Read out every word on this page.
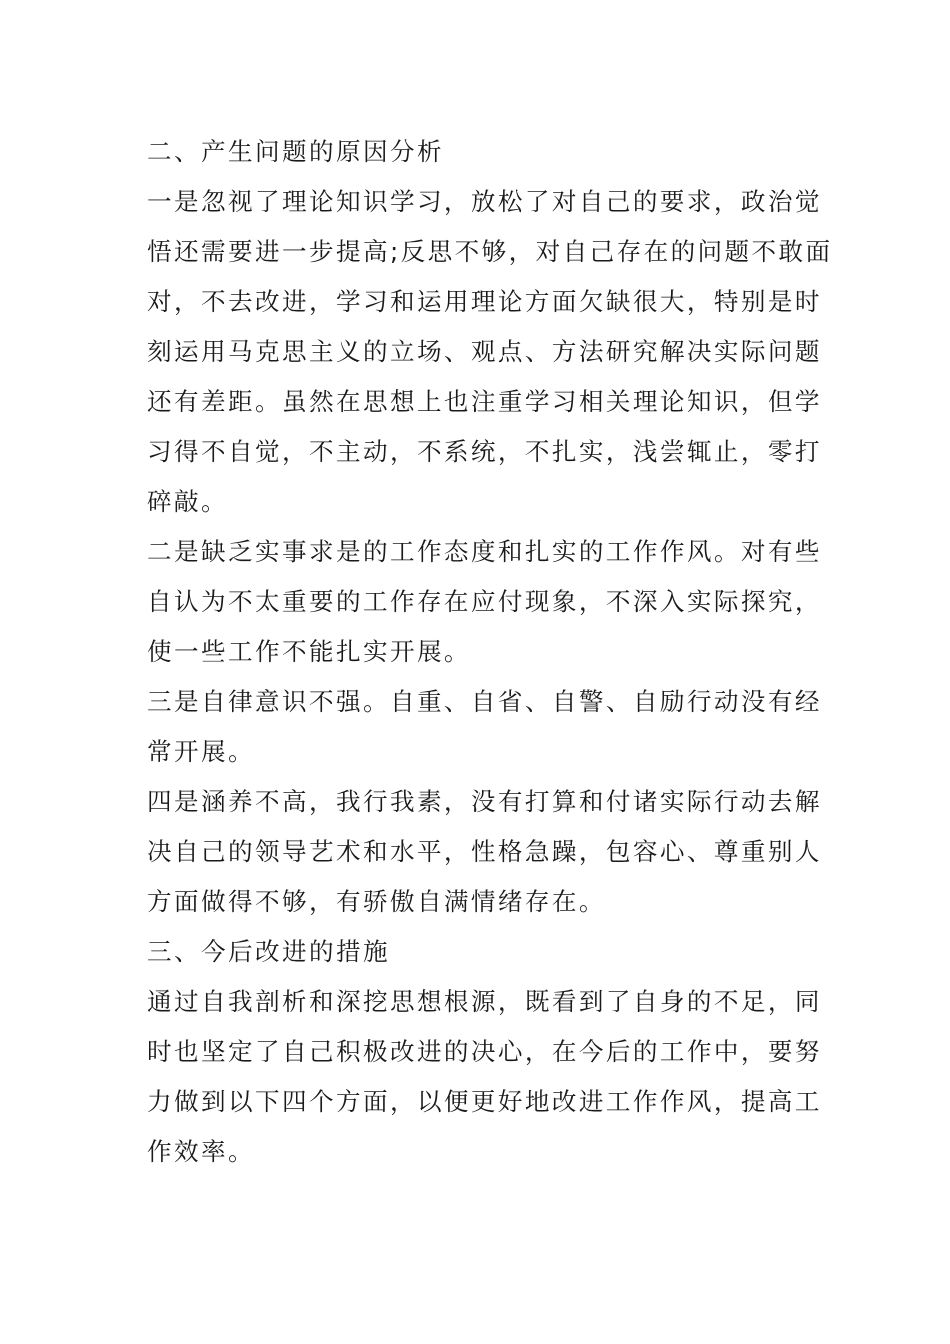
二、产生问题的原因分析
一是忽视了理论知识学习，放松了对自己的要求，政治觉
悟还需要进一步提高;反思不够，对自己存在的问题不敢面
对，不去改进，学习和运用理论方面欠缺很大，特别是时
刻运用马克思主义的立场、观点、方法研究解决实际问题
还有差距。虽然在思想上也注重学习相关理论知识，但学
习得不自觉，不主动，不系统，不扎实，浅尝辄止，零打
碎敲。
二是缺乏实事求是的工作态度和扎实的工作作风。对有些
自认为不太重要的工作存在应付现象，不深入实际探究，
使一些工作不能扎实开展。
三是自律意识不强。自重、自省、自警、自励行动没有经
常开展。
四是涵养不高，我行我素，没有打算和付诸实际行动去解
决自己的领导艺术和水平，性格急躁，包容心、尊重别人
方面做得不够，有骄傲自满情绪存在。
三、今后改进的措施
通过自我剖析和深挖思想根源，既看到了自身的不足，同
时也坚定了自己积极改进的决心，在今后的工作中，要努
力做到以下四个方面，以便更好地改进工作作风，提高工
作效率。
